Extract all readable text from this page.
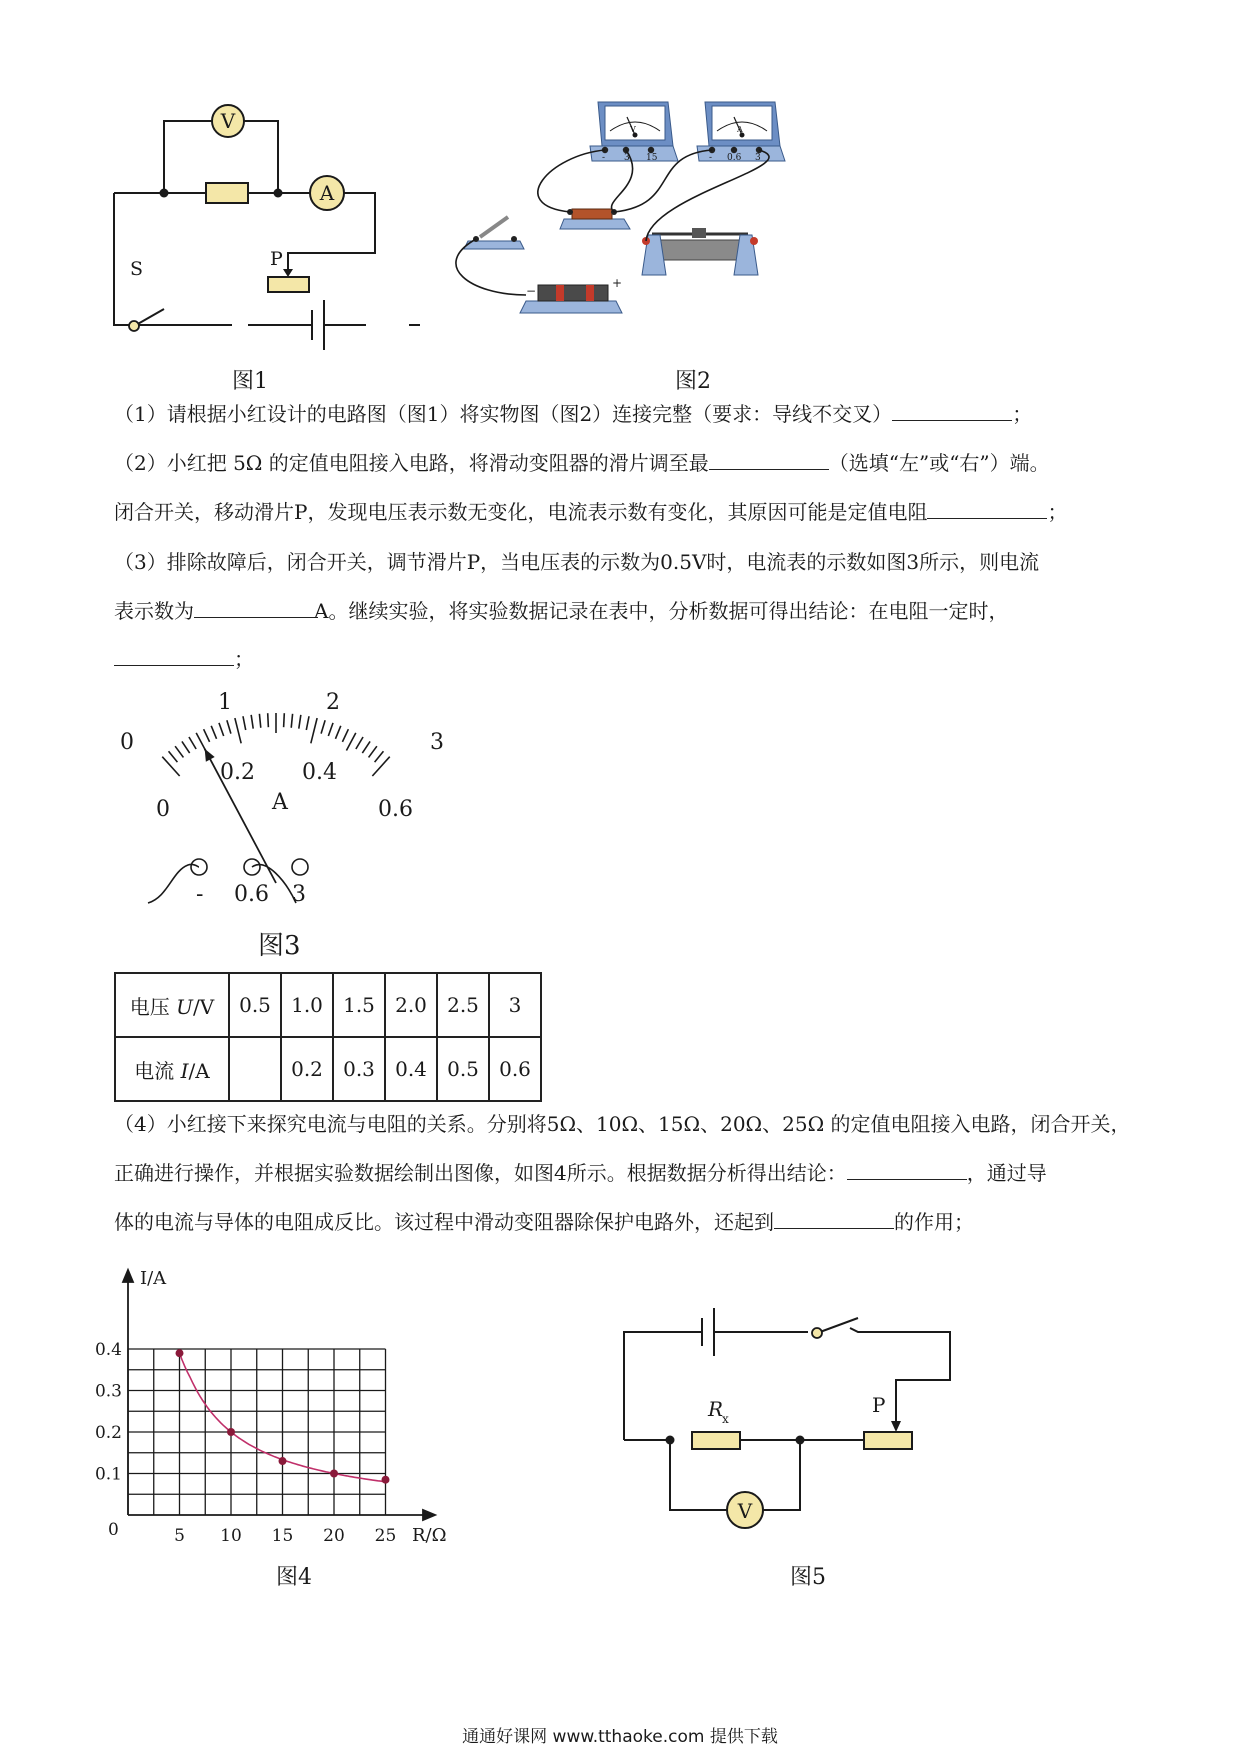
V
A
P
S
图1
V
- 3 15
A
- 0.6 3
−
+
图2
（1）请根据小红设计的电路图（图1）将实物图（图2）连接完整（要求：导线不交叉）	；
（2）小红把 5Ω 的定值电阻接入电路，将滑动变阻器的滑片调至最	（选填“左”或“右”）端。
闭合开关，移动滑片P，发现电压表示数无变化，电流表示数有变化，其原因可能是定值电阻	；
（3）排除故障后，闭合开关，调节滑片P，当电压表的示数为0.5V时，电流表的示数如图3所示，则电流
表示数为	A。继续实验，将实验数据记录在表中，分析数据可得出结论：在电阻一定时，
；
0
1	2
3
0
0.2 0.4
0.6
A
- 0.6 3
图3
电压 U/V	0.5	1.0	1.5	2.0	2.5	3
电流 I/A		0.2	0.3	0.4	0.5	0.6
（4）小红接下来探究电流与电阻的关系。分别将5Ω、10Ω、15Ω、20Ω、25Ω 的定值电阻接入电路，闭合开关，
正确进行操作，并根据实验数据绘制出图像，如图4所示。根据数据分析得出结论：	，通过导
体的电流与导体的电阻成反比。该过程中滑动变阻器除保护电路外，还起到	的作用；
5 10 15 20 25
0.1
0.2
0.3
0.4
I/A
R/Ω
0
图4
V
R
x
P
图5
通通好课网 www.tthaoke.com 提供下载
